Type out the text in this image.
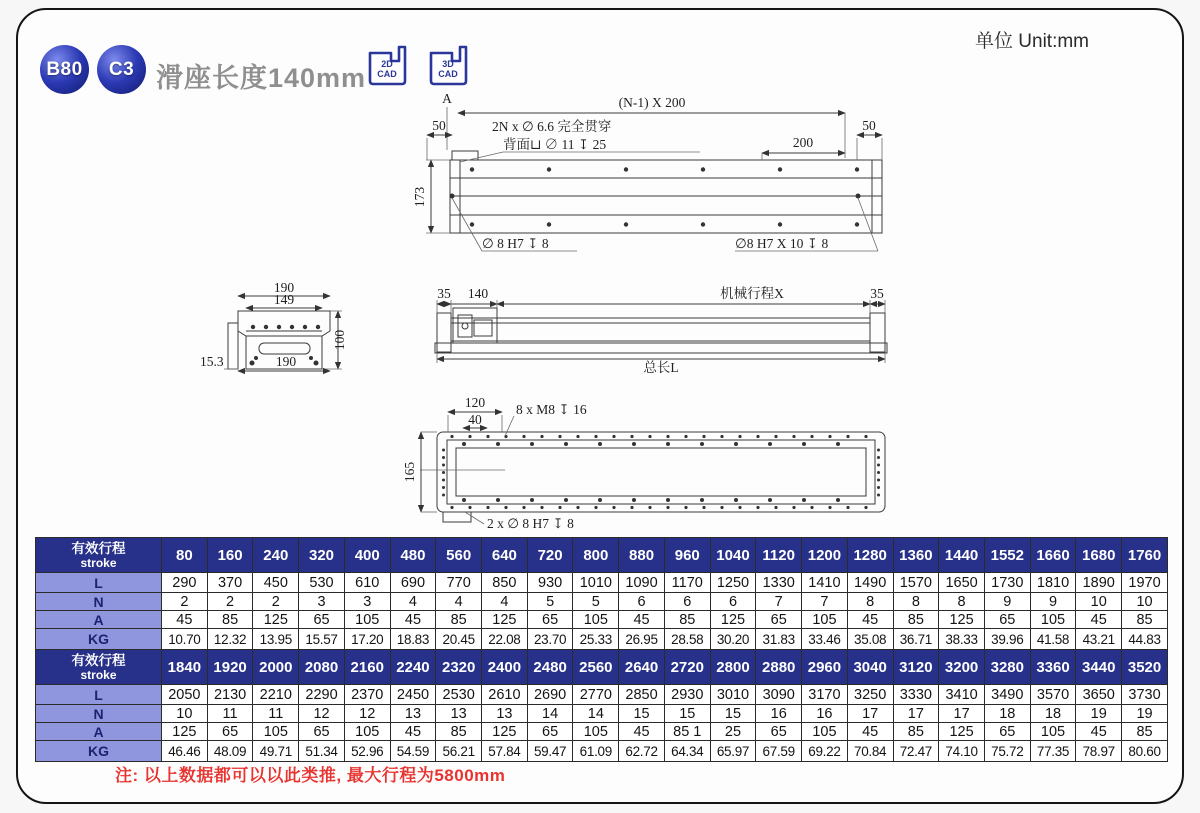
B80	C3 滑座长度140mm 2D
CAD
3D
CAD
单位 Unit:mm
A	(N-1) X 200
50	2N x ∅ 6.6 完全贯穿
背面⊔ ∅ 11 ↧ 25	200
50
173
∅ 8 H7 ↧ 8	∅8 H7 X 10 ↧ 8
190
149
100
15.3	190
35 140	机械行程X	35
总长L
120
40
8 x M8 ↧ 16
165
2 x ∅ 8 H7 ↧ 8
有效行程
stroke	80	160	240	320	400	480	560	640	720	800	880	960	1040	1120	1200	1280	1360	1440	1552	1660	1680	1760
L	290	370	450	530	610	690	770	850	930	1010	1090	1170	1250	1330	1410	1490	1570	1650	1730	1810	1890	1970
N	2	2	2	3	3	4	4	4	5	5	6	6	6	7	7	8	8	8	9	9	10	10
A	45	85	125	65	105	45	85	125	65	105	45	85	125	65	105	45	85	125	65	105	45	85
KG	10.70	12.32	13.95	15.57	17.20	18.83	20.45	22.08	23.70	25.33	26.95	28.58	30.20	31.83	33.46	35.08	36.71	38.33	39.96	41.58	43.21	44.83

有效行程
stroke	1840	1920	2000	2080	2160	2240	2320	2400	2480	2560	2640	2720	2800	2880	2960	3040	3120	3200	3280	3360	3440	3520
L	2050	2130	2210	2290	2370	2450	2530	2610	2690	2770	2850	2930	3010	3090	3170	3250	3330	3410	3490	3570	3650	3730
N	10	11	11	12	12	13	13	13	14	14	15	15	15	16	16	17	17	17	18	18	19	19
A	125	65	105	65	105	45	85	125	65	105	45	85 1	25	65	105	45	85	125	65	105	45	85
KG	46.46	48.09	49.71	51.34	52.96	54.59	56.21	57.84	59.47	61.09	62.72	64.34	65.97	67.59	69.22	70.84	72.47	74.10	75.72	77.35	78.97	80.60
注: 以上数据都可以以此类推, 最大行程为5800mm
